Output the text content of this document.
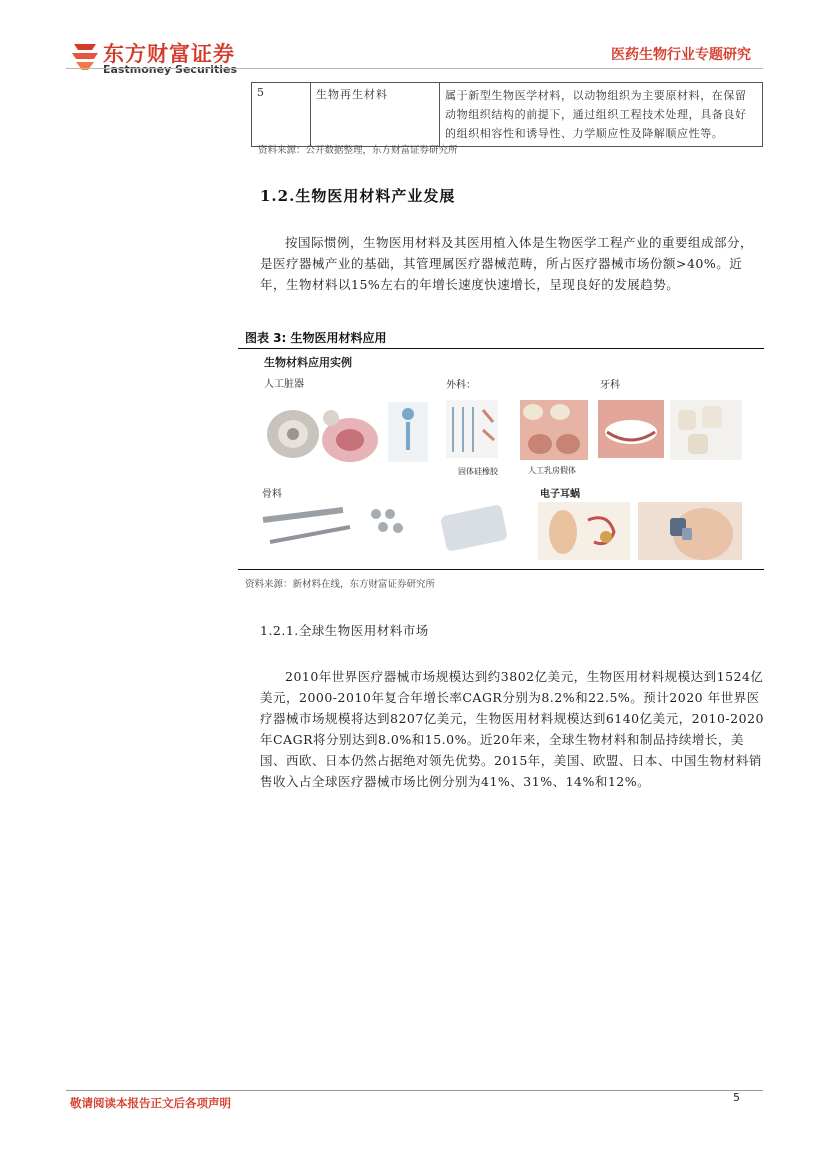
东方财富证券
Eastmoney Securities
医药生物行业专题研究
5	生物再生材料	属于新型生物医学材料，以动物组织为主要原材料，在保留动物组织结构的前提下，通过组织工程技术处理，具备良好的组织相容性和诱导性、力学顺应性及降解顺应性等。
资料来源：公开数据整理，东方财富证券研究所
1.2.生物医用材料产业发展

按国际惯例，生物医用材料及其医用植入体是生物医学工程产业的重要组成部分，是医疗器械产业的基础，其管理属医疗器械范畴，所占医疗器械市场份额>40%。近年，生物材料以15%左右的年增长速度快速增长，呈现良好的发展趋势。

图表 3: 生物医用材料应用
生物材料应用实例
人工脏器	外科：
固体硅橡胶	人工乳房假体
牙科
骨料	电子耳蜗
资料来源：新材料在线，东方财富证券研究所
1.2.1.全球生物医用材料市场

2010年世界医疗器械市场规模达到约3802亿美元，生物医用材料规模达到1524亿美元，2000-2010年复合年增长率CAGR分别为8.2%和22.5%。预计2020 年世界医疗器械市场规模将达到8207亿美元，生物医用材料规模达到6140亿美元，2010-2020年CAGR将分别达到8.0%和15.0%。近20年来，全球生物材料和制品持续增长，美国、西欧、日本仍然占据绝对领先优势。2015年，美国、欧盟、日本、中国生物材料销售收入占全球医疗器械市场比例分别为41%、31%、14%和12%。

敬请阅读本报告正文后各项声明	5
